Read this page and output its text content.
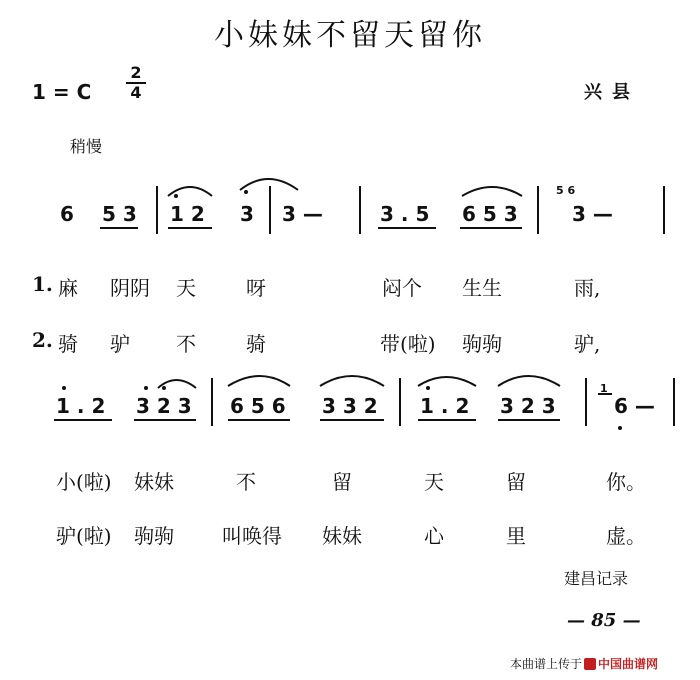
小妹妹不留天留你
1 = C $\frac{2}{4}$	兴县
稍慢
6 5 3 1 2 3 3 —	3 . 5 6 5 3
5 6
3 —
1. 麻 阴阴 天	呀	闷个 生生	雨,
2. 骑 驴 不	骑	带(啦) 驹驹	驴,
1 . 2 3 2 3 6 5 6 3 3 2 1 . 2 3 2 3
1
6 —
小(啦) 妹妹	不	留	天	留	你。
驴(啦) 驹驹 叫唤得 妹妹	心	里	虚。
建昌记录
— 85 —
本曲谱上传于 中国曲谱网
